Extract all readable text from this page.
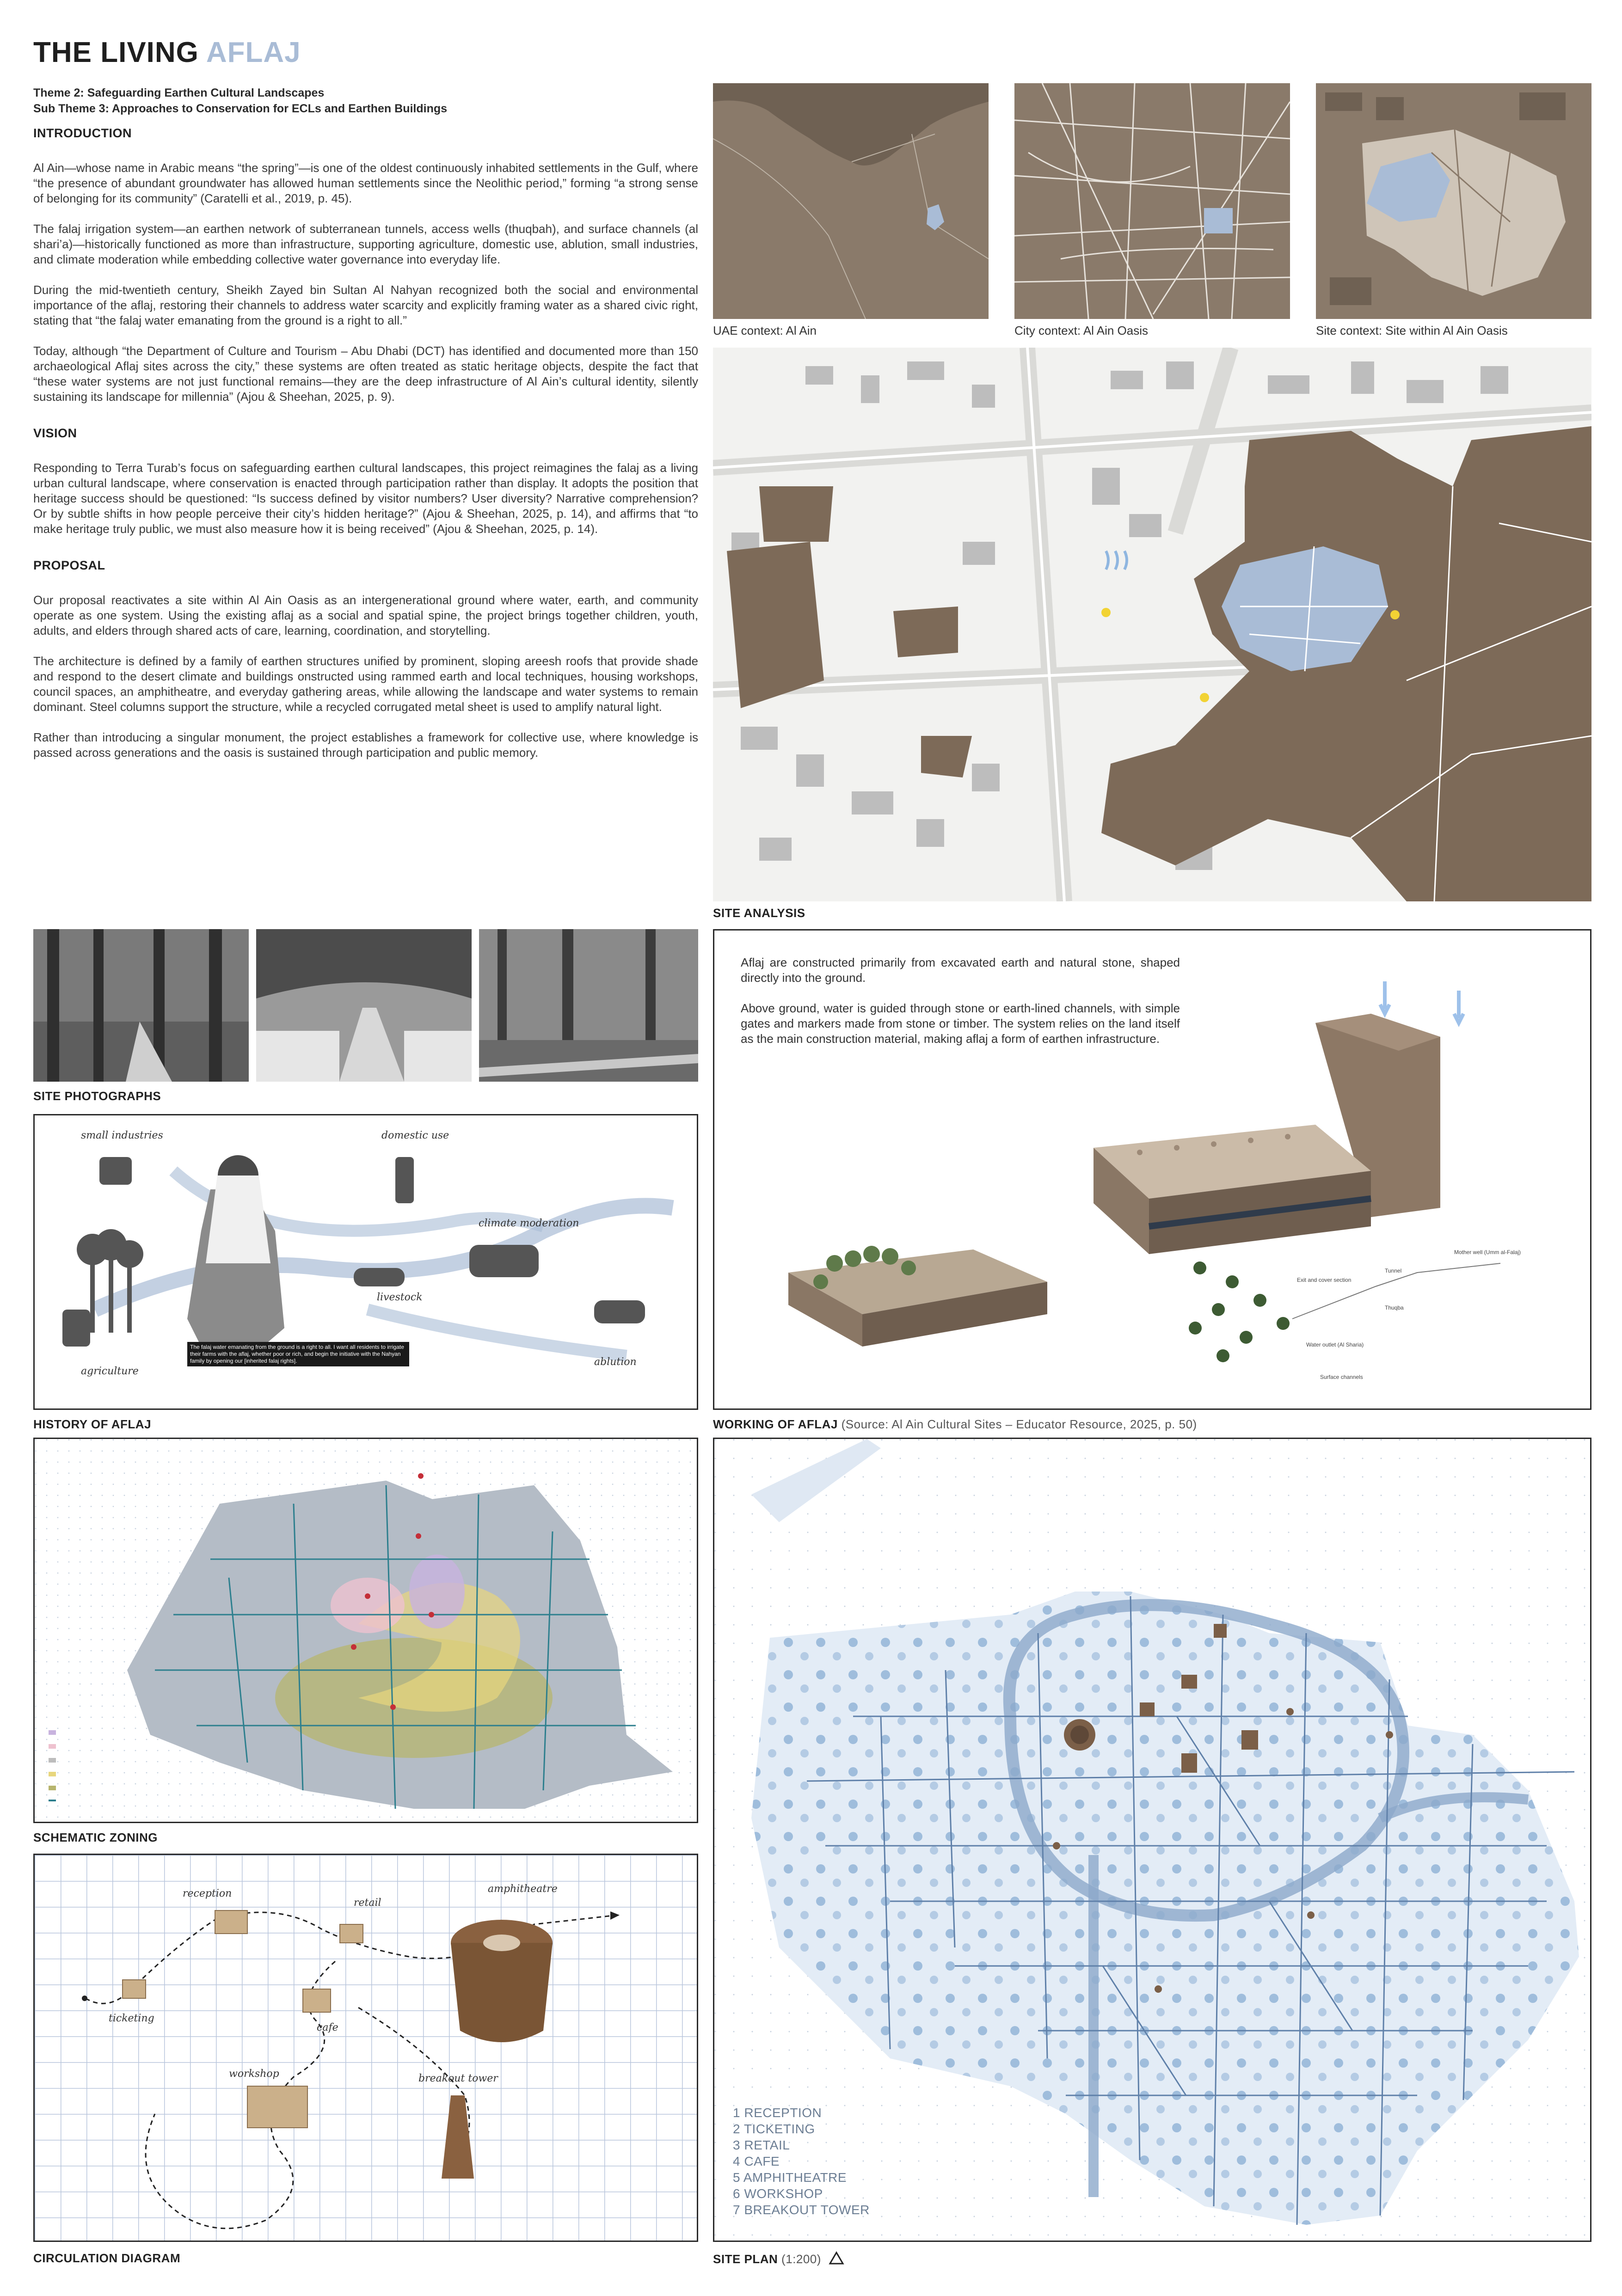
THE LIVING AFLAJ
Theme 2: Safeguarding Earthen Cultural Landscapes
Sub Theme 3: Approaches to Conservation for ECLs and Earthen Buildings
INTRODUCTION

Al Ain—whose name in Arabic means “the spring”—is one of the oldest continuously inhabited settlements in the Gulf, where “the presence of abundant groundwater has allowed human settlements since the Neolithic period,” forming “a strong sense of belonging for its community” (Caratelli et al., 2019, p. 45).

The falaj irrigation system—an earthen network of subterranean tunnels, access wells (thuqbah), and surface channels (al shari’a)—historically functioned as more than infrastructure, supporting agriculture, domestic use, ablution, small industries, and climate moderation while embedding collective water governance into everyday life.

During the mid-twentieth century, Sheikh Zayed bin Sultan Al Nahyan recognized both the social and environmental importance of the aflaj, restoring their channels to address water scarcity and explicitly framing water as a shared civic right, stating that “the falaj water emanating from the ground is a right to all.”

Today, although “the Department of Culture and Tourism – Abu Dhabi (DCT) has identified and documented more than 150 archaeological Aflaj sites across the city,” these systems are often treated as static heritage objects, despite the fact that “these water systems are not just functional remains—they are the deep infrastructure of Al Ain’s cultural identity, silently sustaining its landscape for millennia” (Ajou & Sheehan, 2025, p. 9).

VISION

Responding to Terra Turab’s focus on safeguarding earthen cultural landscapes, this project reimagines the falaj as a living urban cultural landscape, where conservation is enacted through participation rather than display. It adopts the position that heritage success should be questioned: “Is success defined by visitor numbers? User diversity? Narrative comprehension? Or by subtle shifts in how people perceive their city’s hidden heritage?” (Ajou & Sheehan, 2025, p. 14), and affirms that “to make heritage truly public, we must also measure how it is being received” (Ajou & Sheehan, 2025, p. 14).

PROPOSAL

Our proposal reactivates a site within Al Ain Oasis as an intergenerational ground where water, earth, and community operate as one system. Using the existing aflaj as a social and spatial spine, the project brings together children, youth, adults, and elders through shared acts of care, learning, coordination, and storytelling.

The architecture is defined by a family of earthen structures unified by prominent, sloping areesh roofs that provide shade and respond to the desert climate and buildings onstructed using rammed earth and local techniques, housing workshops, council spaces, an amphitheatre, and everyday gathering areas, while allowing the landscape and water systems to remain dominant. Steel columns support the structure, while a recycled corrugated metal sheet is used to amplify natural light.

Rather than introducing a singular monument, the project establishes a framework for collective use, where knowledge is passed across generations and the oasis is sustained through participation and public memory.

UAE context: Al Ain	City context: Al Ain Oasis	Site context: Site within Al Ain Oasis
SITE ANALYSIS
SITE PHOTOGRAPHS
small industries	domestic use
climate moderation
livestock
agriculture
ablution
The falaj water emanating from the ground is a right to all. I want all residents to irrigate their farms with the aflaj, whether poor or rich, and begin the initiative with the Nahyan family by opening our [inherited falaj rights].
HISTORY OF AFLAJ
Mother well (Umm al-Falaj)
Tunnel
Exit and cover section
Thuqba
Water outlet (Al Sharia)
Surface channels

Aflaj are constructed primarily from excavated earth and natural stone, shaped directly into the ground.

Above ground, water is guided through stone or earth-lined channels, with simple gates and markers made from stone or timber. The system relies on the land itself as the main construction material, making aflaj a form of earthen infrastructure.

WORKING OF AFLAJ (Source: Al Ain Cultural Sites – Educator Resource, 2025, p. 50)
SCHEMATIC ZONING
reception
retail
amphitheatre
ticketing
cafe
workshop	breakout tower
CIRCULATION DIAGRAM
1 RECEPTION
2 TICKETING
3 RETAIL
4 CAFE
5 AMPHITHEATRE
6 WORKSHOP
7 BREAKOUT TOWER
SITE PLAN (1:200)
